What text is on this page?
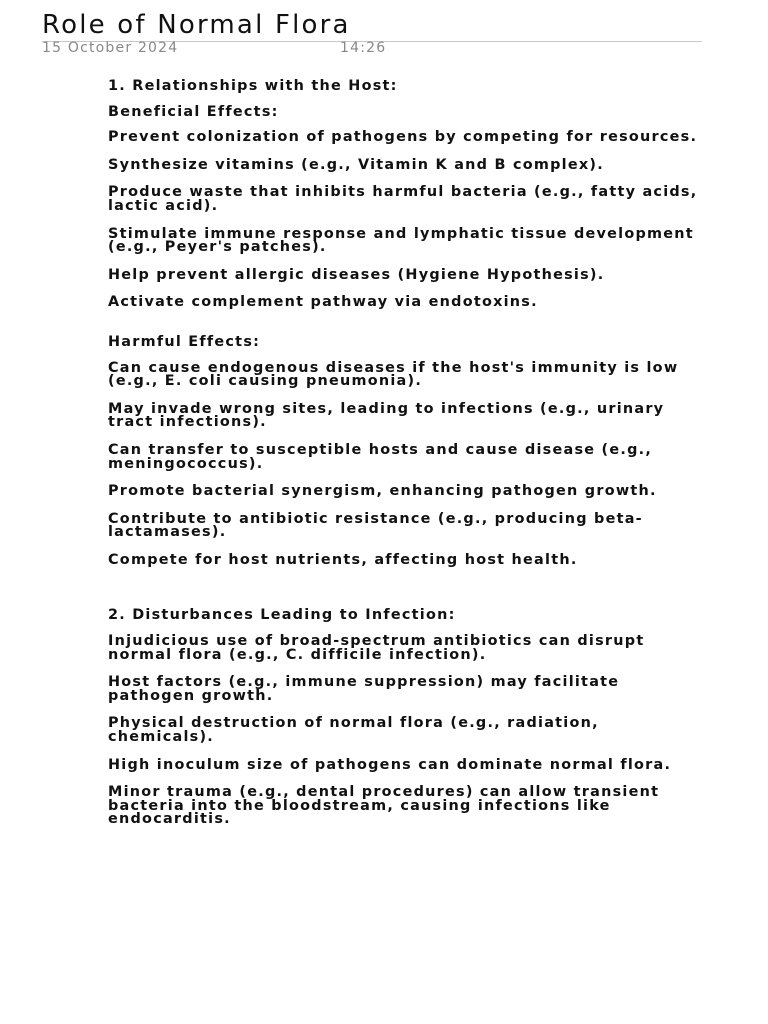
Role of Normal Flora
15 October 2024	14:26

1. Relationships with the Host:

Beneficial Effects:

Prevent colonization of pathogens by competing for resources.

Synthesize vitamins (e.g., Vitamin K and B complex).

Produce waste that inhibits harmful bacteria (e.g., fatty acids, lactic acid).

Stimulate immune response and lymphatic tissue development (e.g., Peyer's patches).

Help prevent allergic diseases (Hygiene Hypothesis).

Activate complement pathway via endotoxins.

Harmful Effects:

Can cause endogenous diseases if the host's immunity is low (e.g., E. coli causing pneumonia).

May invade wrong sites, leading to infections (e.g., urinary tract infections).

Can transfer to susceptible hosts and cause disease (e.g., meningococcus).

Promote bacterial synergism, enhancing pathogen growth.

Contribute to antibiotic resistance (e.g., producing beta-lactamases).

Compete for host nutrients, affecting host health.

2. Disturbances Leading to Infection:

Injudicious use of broad-spectrum antibiotics can disrupt normal flora (e.g., C. difficile infection).

Host factors (e.g., immune suppression) may facilitate pathogen growth.

Physical destruction of normal flora (e.g., radiation, chemicals).

High inoculum size of pathogens can dominate normal flora.

Minor trauma (e.g., dental procedures) can allow transient bacteria into the bloodstream, causing infections like endocarditis.
